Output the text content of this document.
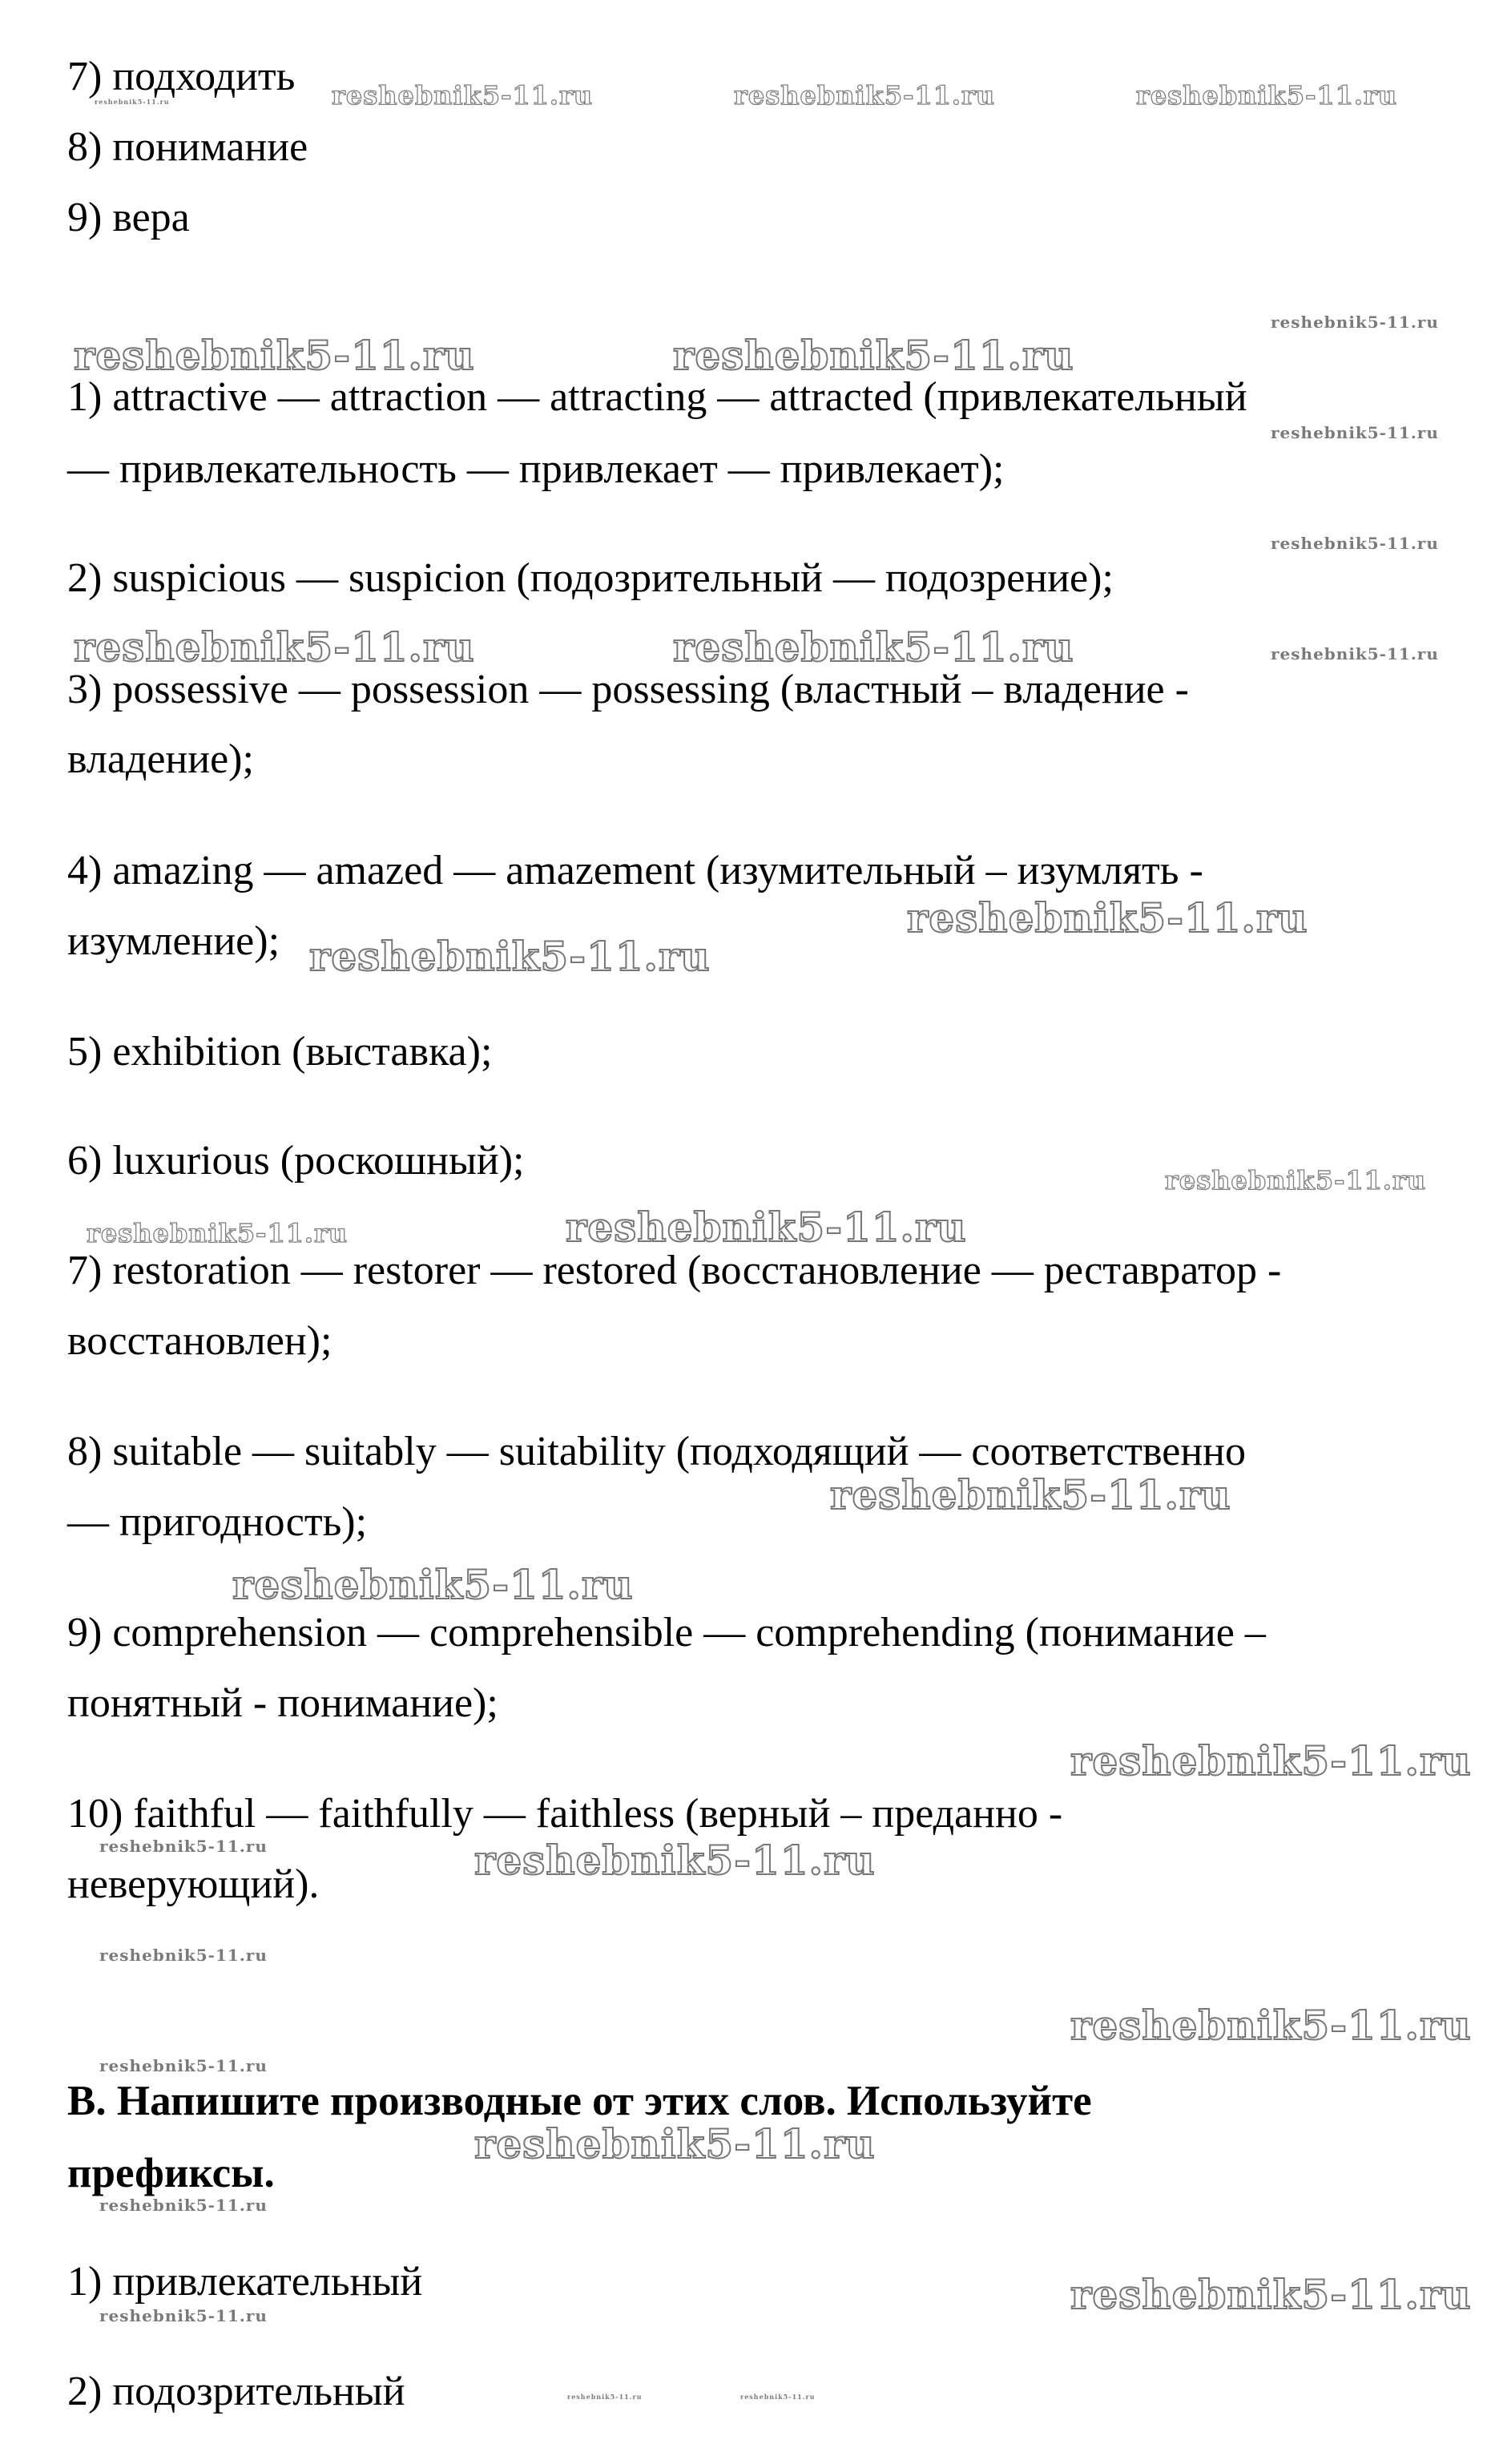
7) подходить

8) понимание

9) вера

1) attractive — attraction — attracting — attracted (привлекательный

— привлекательность — привлекает — привлекает);

2) suspicious — suspicion (подозрительный — подозрение);

3) possessive — possession — possessing (властный – владение -

владение);

4) amazing — amazed — amazement (изумительный – изумлять -

изумление);

5) exhibition (выставка);

6) luxurious (роскошный);

7) restoration — restorer — restored (восстановление — реставратор -

восстановлен);

8) suitable — suitably — suitability (подходящий — соответственно

— пригодность);

9) comprehension — comprehensible — comprehending (понимание –

понятный - понимание);

10) faithful — faithfully — faithless (верный – преданно -

неверующий).

В. Напишите производные от этих слов. Используйте

префиксы.

1) привлекательный

2) подозрительный

reshebnik5-11.ru	reshebnik5-11.ru	reshebnik5-11.ru	reshebnik5-11.ru
reshebnik5-11.ru
reshebnik5-11.ru	reshebnik5-11.ru
reshebnik5-11.ru
reshebnik5-11.ru
reshebnik5-11.ru	reshebnik5-11.ru	reshebnik5-11.ru
reshebnik5-11.ru
reshebnik5-11.ru
reshebnik5-11.ru
reshebnik5-11.ru	reshebnik5-11.ru
reshebnik5-11.ru
reshebnik5-11.ru
reshebnik5-11.ru
reshebnik5-11.ru	reshebnik5-11.ru
reshebnik5-11.ru
reshebnik5-11.ru
reshebnik5-11.ru
reshebnik5-11.ru
reshebnik5-11.ru
reshebnik5-11.ru
reshebnik5-11.ru
reshebnik5-11.ru	reshebnik5-11.ru
